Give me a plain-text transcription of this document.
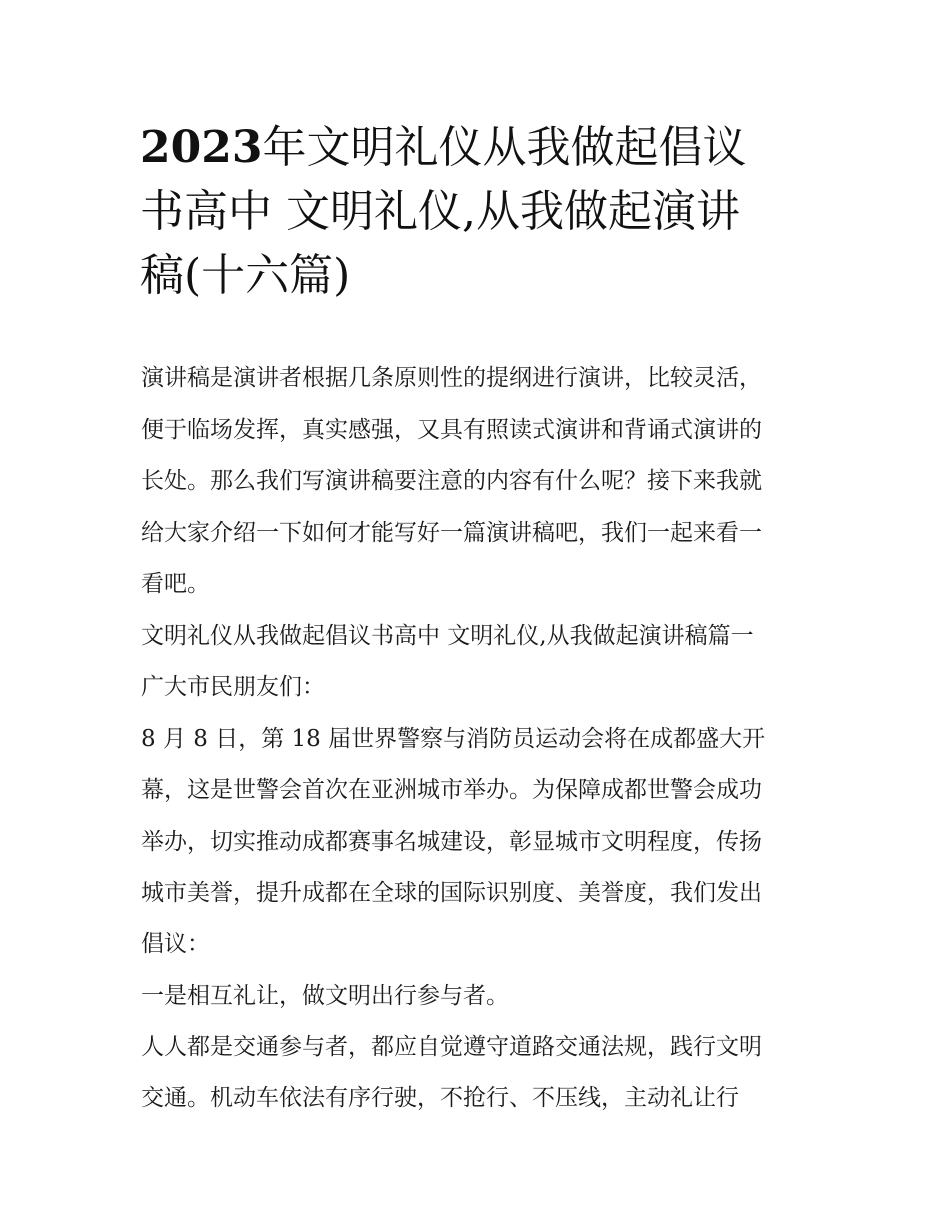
2023年文明礼仪从我做起倡议
书高中 文明礼仪,从我做起演讲
稿(十六篇)
演讲稿是演讲者根据几条原则性的提纲进行演讲，比较灵活，
便于临场发挥，真实感强，又具有照读式演讲和背诵式演讲的
长处。那么我们写演讲稿要注意的内容有什么呢？接下来我就
给大家介绍一下如何才能写好一篇演讲稿吧，我们一起来看一
看吧。
文明礼仪从我做起倡议书高中 文明礼仪,从我做起演讲稿篇一
广大市民朋友们：
8 月 8 日，第 18 届世界警察与消防员运动会将在成都盛大开
幕，这是世警会首次在亚洲城市举办。为保障成都世警会成功
举办，切实推动成都赛事名城建设，彰显城市文明程度，传扬
城市美誉，提升成都在全球的国际识别度、美誉度，我们发出
倡议：
一是相互礼让，做文明出行参与者。
人人都是交通参与者，都应自觉遵守道路交通法规，践行文明
交通。机动车依法有序行驶，不抢行、不压线，主动礼让行
